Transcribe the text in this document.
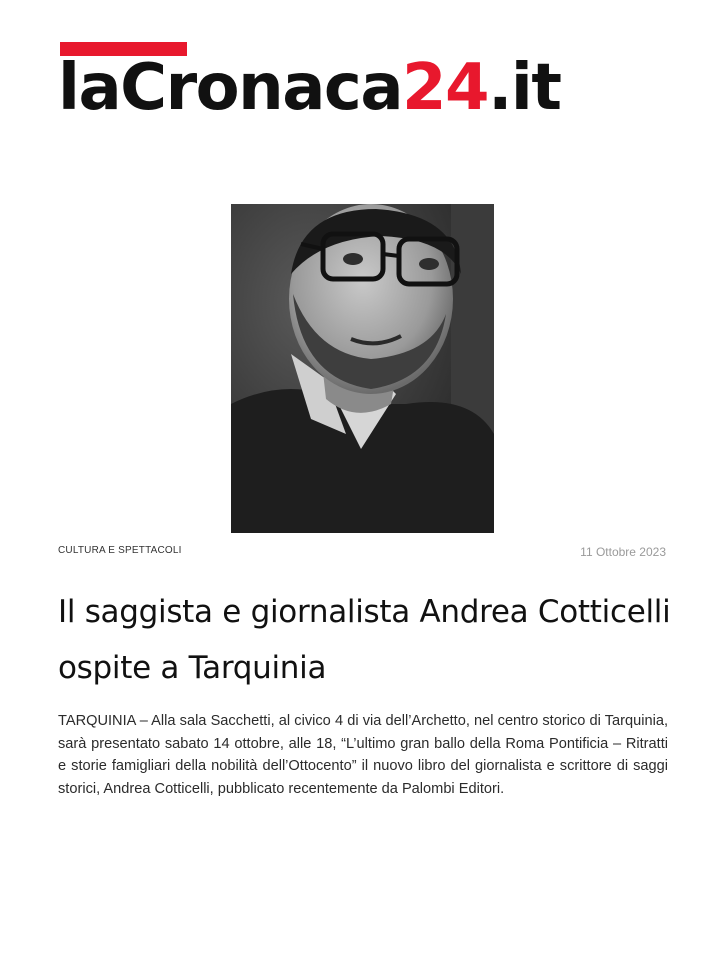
laCronaca24.it
CULTURA E SPETTACOLI	11 Ottobre 2023
Il saggista e giornalista Andrea Cotticelli ospite a Tarquinia

TARQUINIA – Alla sala Sacchetti, al civico 4 di via dell’Archetto, nel centro storico di Tarquinia, sarà presentato sabato 14 ottobre, alle 18, “L’ultimo gran ballo della Roma Pontificia – Ritratti e storie famigliari della nobilità dell’Ottocento” il nuovo libro del giornalista e scrittore di saggi storici, Andrea Cotticelli, pubblicato recentemente da Palombi Editori.
